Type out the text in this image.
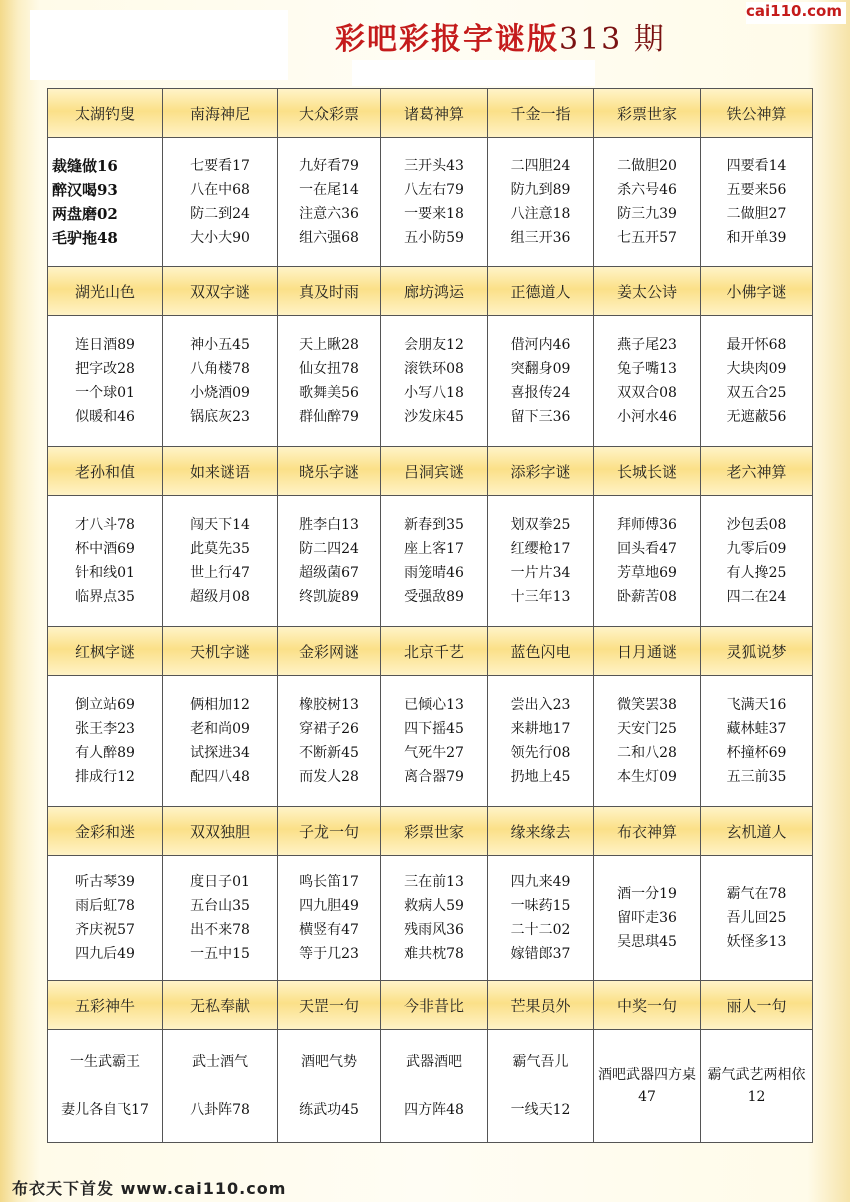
彩吧彩报字谜版313 期
cai110.com
太湖钓叟	南海神尼	大众彩票	诸葛神算	千金一指	彩票世家	铁公神算

裁缝做16
醉汉喝93
两盘磨02
毛驴拖48	七要看17
八在中68
防二到24
大小大90	九好看79
一在尾14
注意六36
组六强68	三开头43
八左右79
一要来18
五小防59	二四胆24
防九到89
八注意18
组三开36	二做胆20
杀六号46
防三九39
七五开57	四要看14
五要来56
二做胆27
和开单39

湖光山色	双双字谜	真及时雨	廊坊鸿运	正德道人	姜太公诗	小佛字谜

连日酒89
把字改28
一个球01
似暖和46	神小五45
八角楼78
小烧酒09
锅底灰23	天上瞅28
仙女扭78
歌舞美56
群仙醉79	会朋友12
滚铁环08
小写八18
沙发床45	借河内46
突翻身09
喜报传24
留下三36	燕子尾23
兔子嘴13
双双合08
小河水46	最开怀68
大块肉09
双五合25
无遮蔽56

老孙和值	如来谜语	晓乐字谜	吕洞宾谜	添彩字谜	长城长谜	老六神算

才八斗78
杯中酒69
针和线01
临界点35	闯天下14
此莫先35
世上行47
超级月08	胜李白13
防二四24
超级菌67
终凯旋89	新春到35
座上客17
雨笼晴46
受强敌89	划双拳25
红缨枪17
一片片34
十三年13	拜师傅36
回头看47
芳草地69
卧薪苦08	沙包丢08
九零后09
有人搀25
四二在24

红枫字谜	天机字谜	金彩网谜	北京千艺	蓝色闪电	日月通谜	灵狐说梦

倒立站69
张王李23
有人醉89
排成行12	俩相加12
老和尚09
试探进34
配四八48	橡胶树13
穿裙子26
不断新45
而发人28	已倾心13
四下摇45
气死牛27
离合器79	尝出入23
来耕地17
领先行08
扔地上45	微笑罢38
天安门25
二和八28
本生灯09	飞满天16
藏林蛙37
杯撞杯69
五三前35

金彩和迷	双双独胆	子龙一句	彩票世家	缘来缘去	布衣神算	玄机道人

听古琴39
雨后虹78
齐庆祝57
四九后49	度日子01
五台山35
出不来78
一五中15	鸣长笛17
四九胆49
横竖有47
等于几23	三在前13
救病人59
残雨风36
难共枕78	四九来49
一味药15
二十二02
嫁错郎37	酒一分19
留吓走36
吴思琪45	霸气在78
吾儿回25
妖怪多13

五彩神牛	无私奉献	天罡一句	今非昔比	芒果员外	中奖一句	丽人一句

一生武霸王
妻儿各自飞17	武士酒气
八卦阵78	酒吧气势
练武功45	武器酒吧
四方阵48	霸气吾儿
一线天12	酒吧武器四方桌47	霸气武艺两相依12
布衣天下首发 www.cai110.com
